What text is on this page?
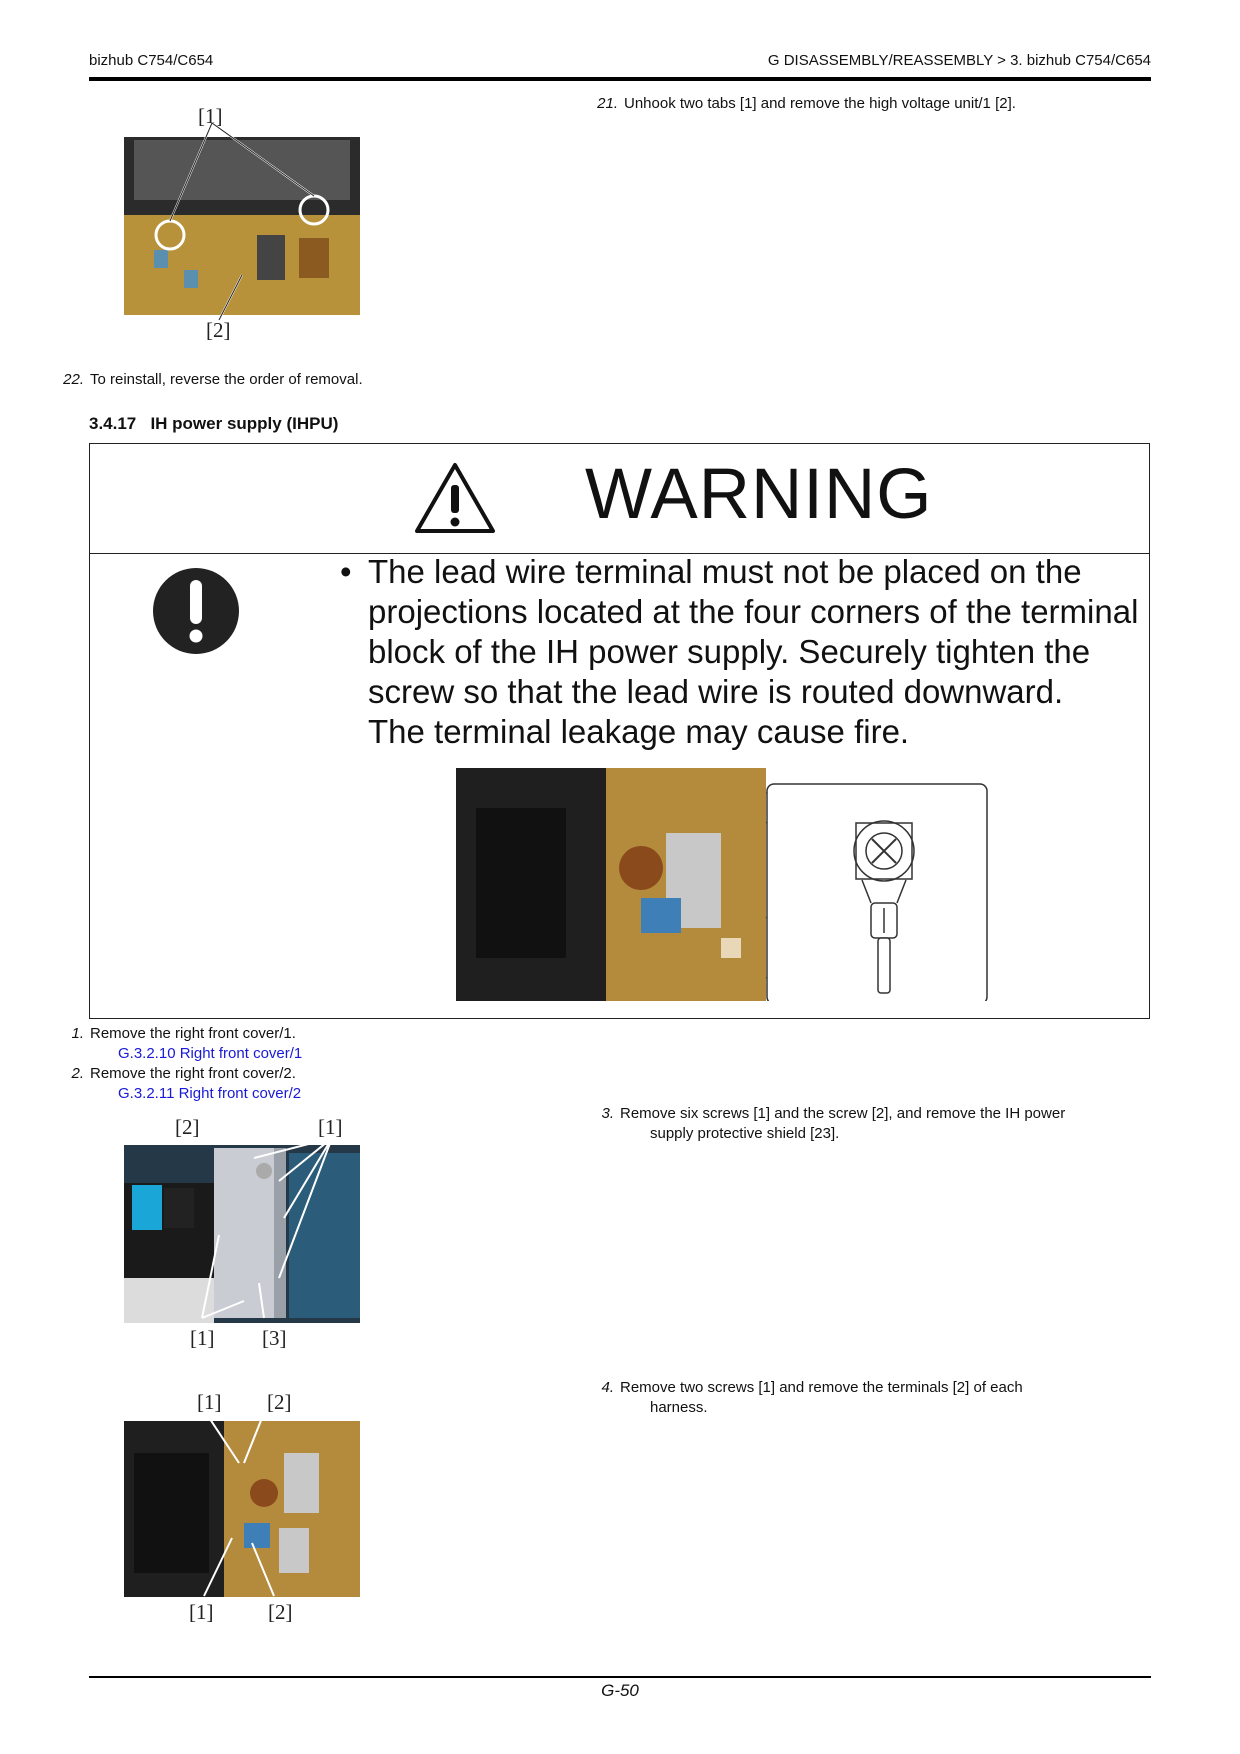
bizhub C754/C654	G DISASSEMBLY/REASSEMBLY > 3. bizhub C754/C654
21. Unhook two tabs [1] and remove the high voltage unit/1 [2].
[1]
[2]
22. To reinstall, reverse the order of removal.
3.4.17 IH power supply (IHPU)
WARNING
• The lead wire terminal must not be placed on the
projections located at the four corners of the terminal
block of the IH power supply. Securely tighten the
screw so that the lead wire is routed downward.
The terminal leakage may cause fire.
1. Remove the right front cover/1.
G.3.2.10 Right front cover/1
2. Remove the right front cover/2.
G.3.2.11 Right front cover/2
3. Remove six screws [1] and the screw [2], and remove the IH power
supply protective shield [23].
[2]	[1]
[1] [3]
4. Remove two screws [1] and remove the terminals [2] of each
harness.
[1] [2]
[1]	[2]
G-50
